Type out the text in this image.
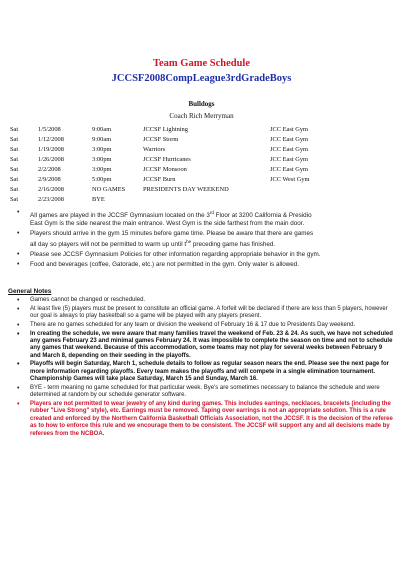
Team Game Schedule
JCCSF2008CompLeague3rdGradeBoys
Bulldogs
Coach Rich Merryman
Sat	1/5/2008	9:00am	JCCSF Lightning	JCC East Gym
Sat	1/12/2008	9:00am	JCCSF Storm	JCC East Gym
Sat	1/19/2008	3:00pm	Warriors	JCC East Gym
Sat	1/26/2008	3:00pm	JCCSF Hurricanes	JCC East Gym
Sat	2/2/2008	3:00pm	JCCSF Monsoon	JCC East Gym
Sat	2/9/2008	5:00pm	JCCSF Burn	JCC West Gym
Sat	2/16/2008	NO GAMES	PRESIDENTS DAY WEEKEND
Sat	2/23/2008	BYE
• All games are played in the JCCSF Gymnasium located on the 3rd Floor at 3200 California & Presidio
East Gym is the side nearest the main entrance. West Gym is the side farthest from the main door.
• Players should arrive in the gym 15 minutes before game time. Please be aware that there are games
all day so players will not be permitted to warm up until $t^{he}$ preceding game has finished.
• Please see JCCSF Gymnasium Policies for other information regarding appropriate behavior in the gym.
• Food and beverages (coffee, Gatorade, etc.) are not permitted in the gym. Only water is allowed.
General Notes
• Games cannot be changed or rescheduled.
• At least five (5) players must be present to constitute an official game. A forfeit will be declared if there are less than 5 players, however our goal is always to play basketball so a game will be played with any players present.
• There are no games scheduled for any team or division the weekend of February 16 & 17 due to Presidents Day weekend.
• In creating the schedule, we were aware that many families travel the weekend of Feb. 23 & 24. As such, we have not scheduled any games February 23 and minimal games February 24. It was impossible to complete the season on time and not to schedule any games that weekend. Because of this accommodation, some teams may not play for several weeks between February 9 and March 8, depending on their seeding in the playoffs.
• Playoffs will begin Saturday, March 1, schedule details to follow as regular season nears the end. Please see the next page for more information regarding playoffs. Every team makes the playoffs and will compete in a single elimination tournament. Championship Games will take place Saturday, March 15 and Sunday, March 16.
• BYE - term meaning no game scheduled for that particular week. Bye's are sometimes necessary to balance the schedule and were determined at random by our schedule generator software.
• Players are not permitted to wear jewelry of any kind during games. This includes earrings, necklaces, bracelets (including the rubber "Live Strong" style), etc. Earrings must be removed. Taping over earrings is not an appropriate solution. This is a rule created and enforced by the Northern California Basketball Officials Association, not the JCCSF. It is the decision of the referee as to how to enforce this rule and we encourage them to be consistent. The JCCSF will support any and all decisions made by referees from the NCBOA.
